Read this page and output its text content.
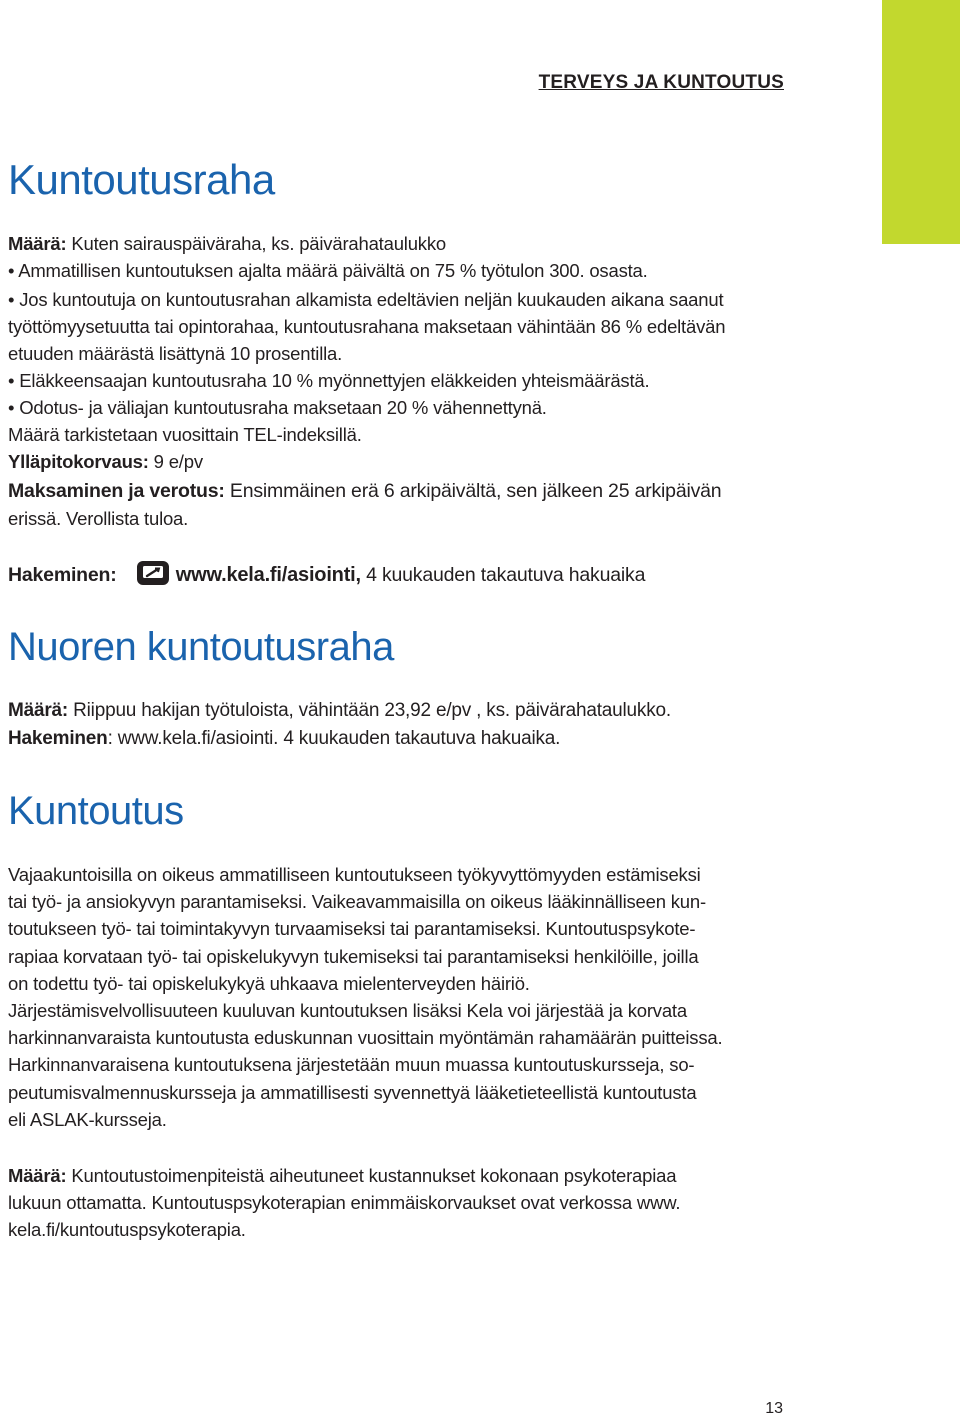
TERVEYS JA KUNTOUTUS
Kuntoutusraha
Määrä: Kuten sairauspäiväraha, ks. päivärahataulukko
• Ammatillisen kuntoutuksen ajalta määrä päivältä on 75 % työtulon 300. osasta.
• Jos kuntoutuja on kuntoutusrahan alkamista edeltävien neljän kuukauden aikana saanut
työttömyysetuutta tai opintorahaa, kuntoutusrahana maksetaan vähintään 86 % edeltävän
etuuden määrästä lisättynä 10 prosentilla.
• Eläkkeensaajan kuntoutusraha 10 % myönnettyjen eläkkeiden yhteismäärästä.
• Odotus- ja väliajan kuntoutusraha maksetaan 20 % vähennettynä.
Määrä tarkistetaan vuosittain TEL-indeksillä.
Ylläpitokorvaus: 9 e/pv
Maksaminen ja verotus: Ensimmäinen erä 6 arkipäivältä, sen jälkeen 25 arkipäivän
erissä. Verollista tuloa.
Hakeminen:	www.kela.fi/asiointi, 4 kuukauden takautuva hakuaika
Nuoren kuntoutusraha
Määrä: Riippuu hakijan työtuloista, vähintään 23,92 e/pv , ks. päivärahataulukko.
Hakeminen: www.kela.fi/asiointi. 4 kuukauden takautuva hakuaika.
Kuntoutus
Vajaakuntoisilla on oikeus ammatilliseen kuntoutukseen työkyvyttömyyden estämiseksi
tai työ- ja ansiokyvyn parantamiseksi. Vaikeavammaisilla on oikeus lääkinnälliseen kun-
toutukseen työ- tai toimintakyvyn turvaamiseksi tai parantamiseksi. Kuntoutuspsykote-
rapiaa korvataan työ- tai opiskelukyvyn tukemiseksi tai parantamiseksi henkilöille, joilla
on todettu työ- tai opiskelukykyä uhkaava mielenterveyden häiriö.
Järjestämisvelvollisuuteen kuuluvan kuntoutuksen lisäksi Kela voi järjestää ja korvata
harkinnanvaraista kuntoutusta eduskunnan vuosittain myöntämän rahamäärän puitteissa.
Harkinnanvaraisena kuntoutuksena järjestetään muun muassa kuntoutuskursseja, so-
peutumisvalmennuskursseja ja ammatillisesti syvennettyä lääketieteellistä kuntoutusta
eli ASLAK-kursseja.
Määrä: Kuntoutustoimenpiteistä aiheutuneet kustannukset kokonaan psykoterapiaa
lukuun ottamatta. Kuntoutuspsykoterapian enimmäiskorvaukset ovat verkossa www.
kela.fi/kuntoutuspsykoterapia.
13
